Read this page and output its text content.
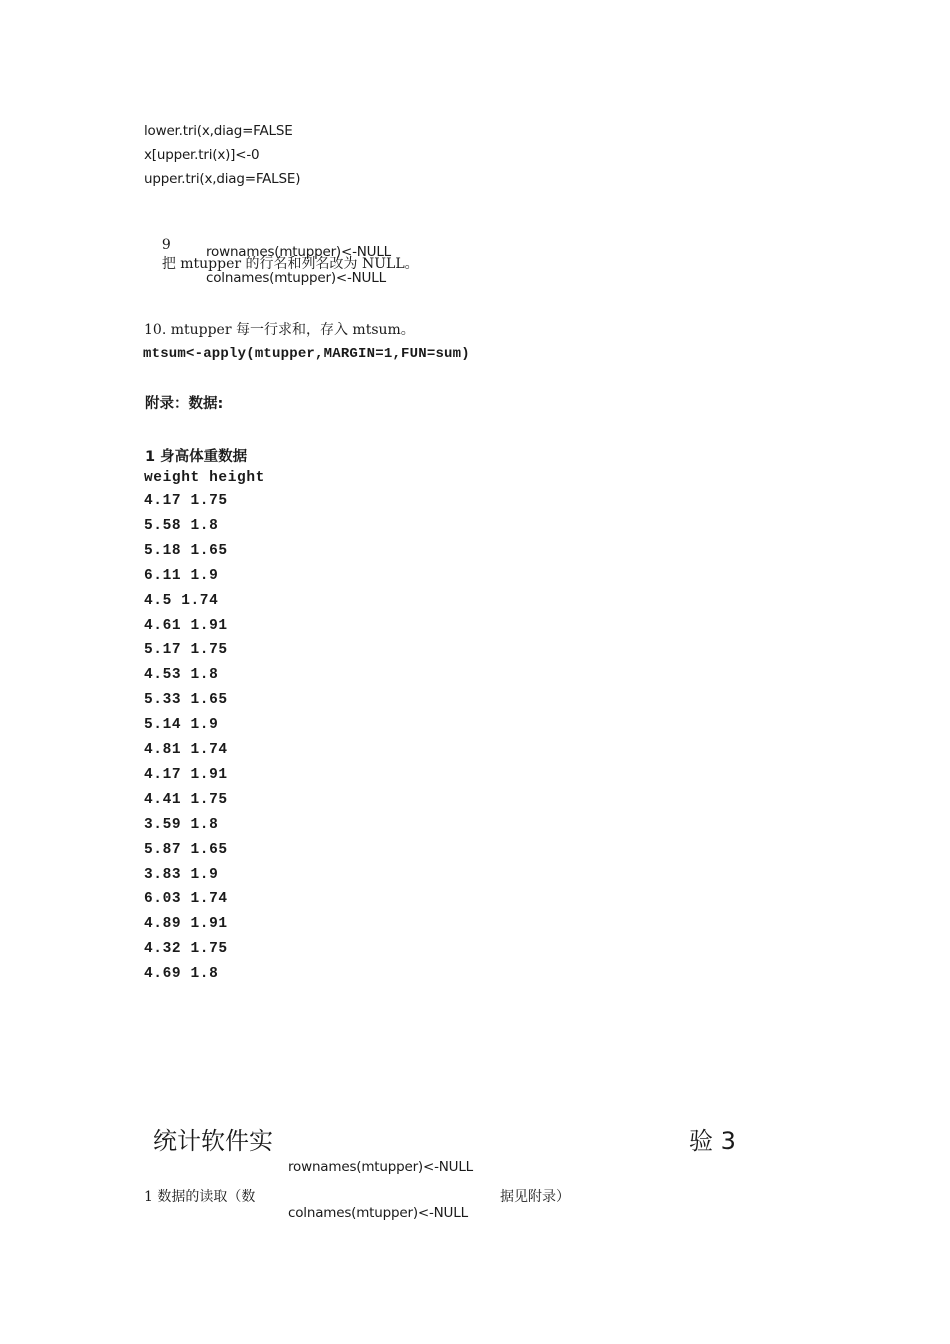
lower.tri(x,diag=FALSE
x[upper.tri(x)]<-0
upper.tri(x,diag=FALSE)

9
把 mtupper 的行名和列名改为 NULL。

rownames(mtupper)<-NULL
colnames(mtupper)<-NULL
10. mtupper 每一行求和，存入 mtsum。
mtsum<-apply(mtupper,MARGIN=1,FUN=sum)
附录：数据:
1 身高体重数据
weight height
4.17 1.75
5.58 1.8
5.18 1.65
6.11 1.9
4.5 1.74
4.61 1.91
5.17 1.75
4.53 1.8
5.33 1.65
5.14 1.9
4.81 1.74
4.17 1.91
4.41 1.75
3.59 1.8
5.87 1.65
3.83 1.9
6.03 1.74
4.89 1.91
4.32 1.75
4.69 1.8
统计软件实	验 3
rownames(mtupper)<-NULL
1 数据的读取（数	据见附录）
colnames(mtupper)<-NULL
